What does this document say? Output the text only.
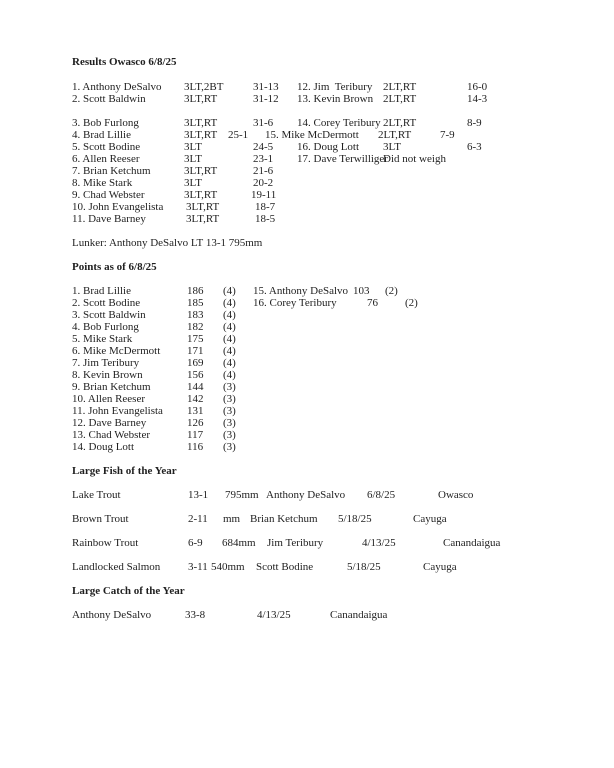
Results Owasco 6/8/25
1. Anthony DeSalvo 3LT,2BT	31-13 12. Jim  Teribury 2LT,RT	16-0
2. Scott Baldwin	3LT,RT	31-12 13. Kevin Brown 2LT,RT	14-3
3. Bob Furlong	3LT,RT	31-6 14. Corey Teribury 2LT,RT	8-9
4. Brad Lillie	3LT,RT 25-1 15. Mike McDermott 2LT,RT	7-9
5. Scott Bodine	3LT	24-5 16. Doug Lott 3LT	6-3
6. Allen Reeser	3LT	23-1 17. Dave Terwilliger
Did not weigh
7. Brian Ketchum	3LT,RT	21-6
8. Mike Stark	3LT	20-2
9. Chad Webster	3LT,RT	19-11
10. John Evangelista 3LT,RT	18-7
11. Dave Barney	3LT,RT	18-5
Lunker: Anthony DeSalvo LT 13-1 795mm
Points as of 6/8/25
1. Brad Lillie	186 (4) 15. Anthony DeSalvo 103 (2)
2. Scott Bodine	185 (4) 16. Corey Teribury	76 (2)
3. Scott Baldwin	183 (4)
4. Bob Furlong	182 (4)
5. Mike Stark	175 (4)
6. Mike McDermott 171 (4)
7. Jim Teribury	169 (4)
8. Kevin Brown	156 (4)
9. Brian Ketchum	144 (3)
10. Allen Reeser	142 (3)
11. John Evangelista 131 (3)
12. Dave Barney	126 (3)
13. Chad Webster	117 (3)
14. Doug Lott	116 (3)
Large Fish of the Year
Lake Trout	13-1 795mm Anthony DeSalvo 6/8/25	Owasco
Brown Trout	2-11 mm Brian Ketchum 5/18/25	Cayuga
Rainbow Trout	6-9 684mm Jim Teribury	4/13/25	Canandaigua
Landlocked Salmon	3-11 540mm Scott Bodine	5/18/25	Cayuga
Large Catch of the Year
Anthony DeSalvo	33-8	4/13/25	Canandaigua
